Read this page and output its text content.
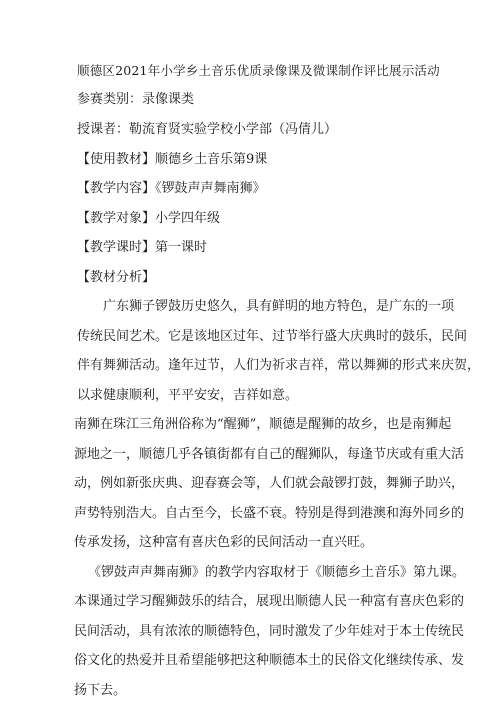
顺德区2021年小学乡土音乐优质录像课及微课制作评比展示活动
参赛类别：录像课类
授课者：勒流育贤实验学校小学部（冯倩儿）
【使用教材】顺德乡土音乐第9课
【教学内容】《锣鼓声声舞南狮》
【教学对象】小学四年级
【教学课时】第一课时
【教材分析】
广东狮子锣鼓历史悠久，具有鲜明的地方特色，是广东的一项
传统民间艺术。它是该地区过年、过节举行盛大庆典时的鼓乐，民间
伴有舞狮活动。逢年过节，人们为祈求吉祥，常以舞狮的形式来庆贺，
以求健康顺利，平平安安，吉祥如意。
南狮在珠江三角洲俗称为“醒狮”，顺德是醒狮的故乡，也是南狮起
源地之一，顺德几乎各镇街都有自己的醒狮队，每逢节庆或有重大活
动，例如新张庆典、迎春赛会等，人们就会敲锣打鼓，舞狮子助兴，
声势特别浩大。自古至今，长盛不衰。特别是得到港澳和海外同乡的
传承发扬，这种富有喜庆色彩的民间活动一直兴旺。
《锣鼓声声舞南狮》的教学内容取材于《顺德乡土音乐》第九课。
本课通过学习醒狮鼓乐的结合，展现出顺德人民一种富有喜庆色彩的
民间活动，具有浓浓的顺德特色，同时激发了少年娃对于本土传统民
俗文化的热爱并且希望能够把这种顺德本土的民俗文化继续传承、发
扬下去。
